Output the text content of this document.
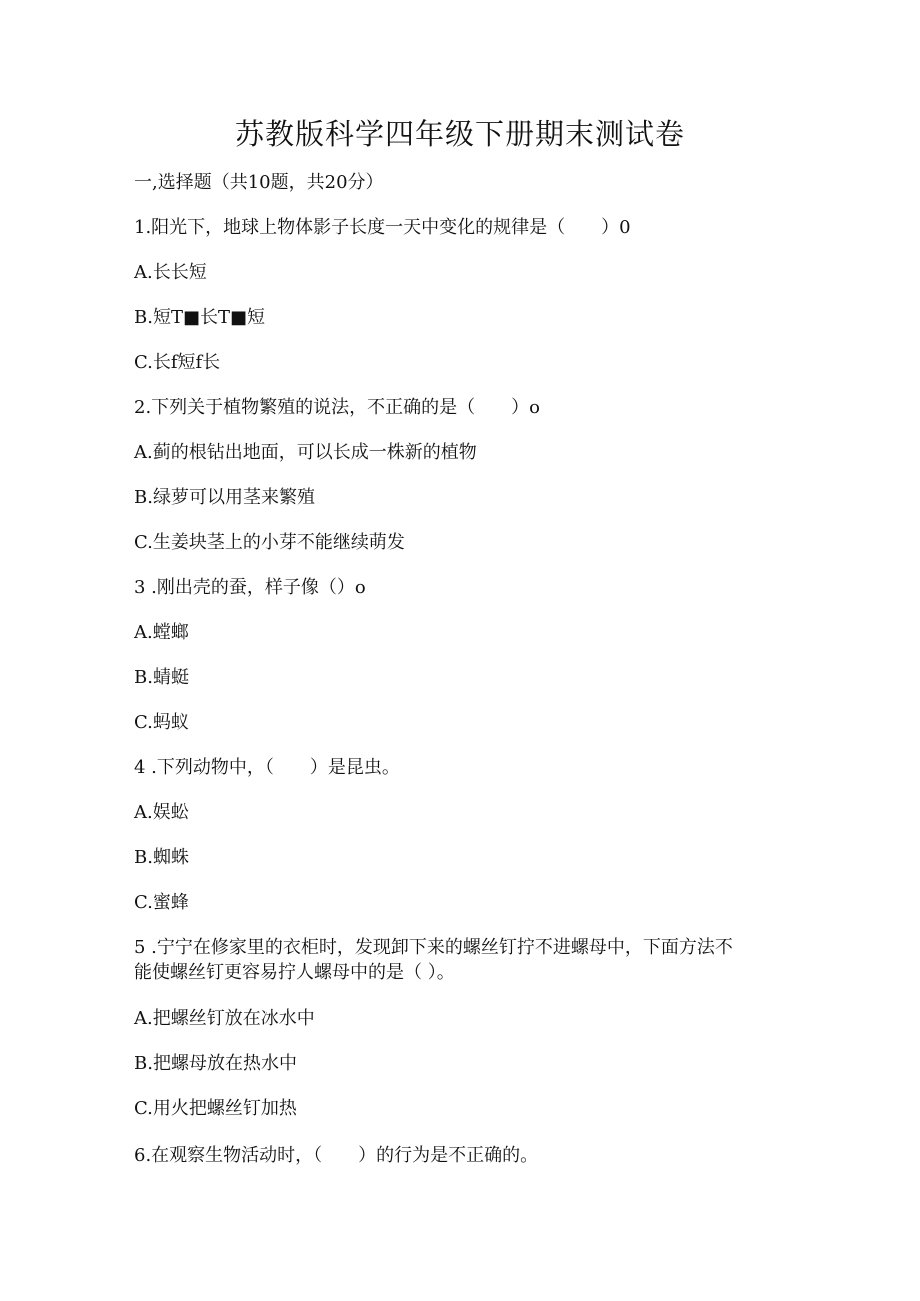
苏教版科学四年级下册期末测试卷
一,选择题（共10题，共20分）
1.阳光下，地球上物体影子长度一天中变化的规律是（　　）0
A.长长短
B.短T■长T■短
C.长f短f长
2.下列关于植物繁殖的说法，不正确的是（　　）o
A.蓟的根钻出地面，可以长成一株新的植物
B.绿萝可以用茎来繁殖
C.生姜块茎上的小芽不能继续萌发
3 .刚出壳的蚕，样子像（）o
A.螳螂
B.蜻蜓
C.蚂蚁
4 .下列动物中，（　　）是昆虫。
A.娱蚣
B.蜘蛛
C.蜜蜂
5 .宁宁在修家里的衣柜时，发现卸下来的螺丝钉拧不进螺母中，下面方法不
能使螺丝钉更容易拧人螺母中的是（ ）。
A.把螺丝钉放在冰水中
B.把螺母放在热水中
C.用火把螺丝钉加热
6.在观察生物活动时，（　　）的行为是不正确的。
